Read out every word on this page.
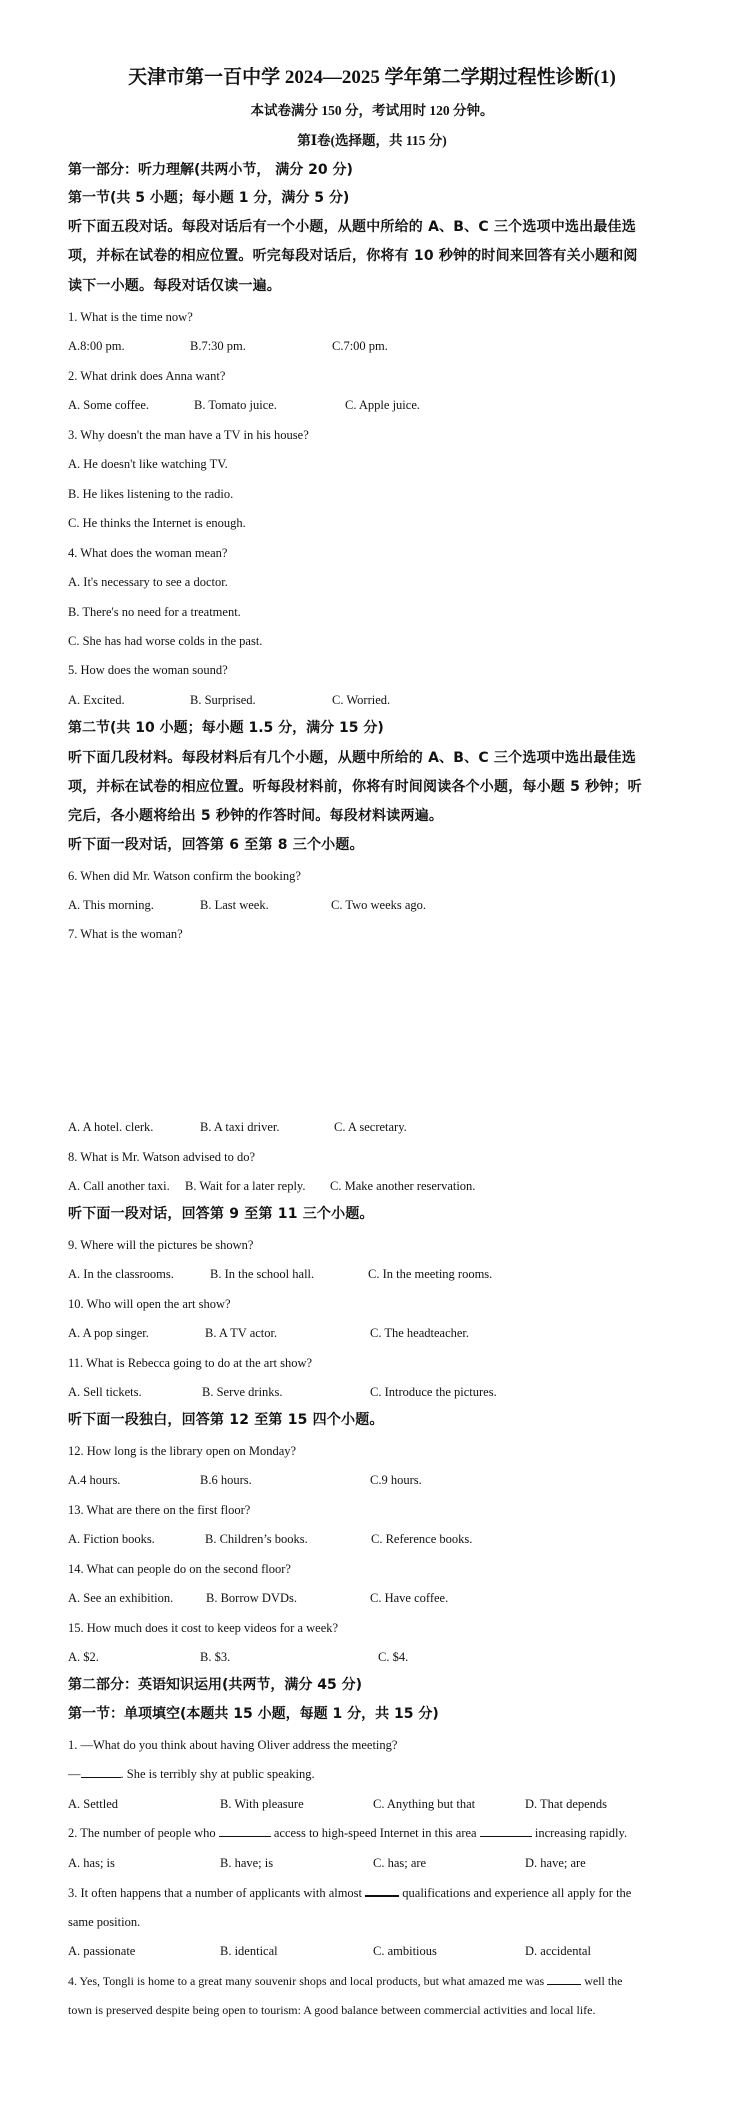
天津市第一百中学 2024—2025 学年第二学期过程性诊断(1)
本试卷满分 150 分，考试用时 120 分钟。
第Ⅰ卷(选择题，共 115 分)
第一部分：听力理解(共两小节， 满分 20 分)
第一节(共 5 小题；每小题 1 分，满分 5 分)
听下面五段对话。每段对话后有一个小题，从题中所给的 A、B、C 三个选项中选出最佳选
项，并标在试卷的相应位置。听完每段对话后，你将有 10 秒钟的时间来回答有关小题和阅
读下一小题。每段对话仅读一遍。
1. What is the time now?
A.8:00 pm.	B.7:30 pm.	C.7:00 pm.
2. What drink does Anna want?
A. Some coffee.	B. Tomato juice.	C. Apple juice.
3. Why doesn't the man have a TV in his house?
A. He doesn't like watching TV.
B. He likes listening to the radio.
C. He thinks the Internet is enough.
4. What does the woman mean?
A. It's necessary to see a doctor.
B. There's no need for a treatment.
C. She has had worse colds in the past.
5. How does the woman sound?
A. Excited.	B. Surprised.	C. Worried.
第二节(共 10 小题；每小题 1.5 分，满分 15 分)
听下面几段材料。每段材料后有几个小题，从题中所给的 A、B、C 三个选项中选出最佳选
项，并标在试卷的相应位置。听每段材料前，你将有时间阅读各个小题，每小题 5 秒钟；听
完后，各小题将给出 5 秒钟的作答时间。每段材料读两遍。
听下面一段对话，回答第 6 至第 8 三个小题。
6. When did Mr. Watson confirm the booking?
A. This morning.	B. Last week.	C. Two weeks ago.
7. What is the woman?
A. A hotel. clerk.	B. A taxi driver.	C. A secretary.
8. What is Mr. Watson advised to do?
A. Call another taxi. B. Wait for a later reply. C. Make another reservation.
听下面一段对话，回答第 9 至第 11 三个小题。
9. Where will the pictures be shown?
A. In the classrooms.	B. In the school hall.	C. In the meeting rooms.
10. Who will open the art show?
A. A pop singer.	B. A TV actor.	C. The headteacher.
11. What is Rebecca going to do at the art show?
A. Sell tickets.	B. Serve drinks.	C. Introduce the pictures.
听下面一段独白，回答第 12 至第 15 四个小题。
12. How long is the library open on Monday?
A.4 hours.	B.6 hours.	C.9 hours.
13. What are there on the first floor?
A. Fiction books.	B. Children’s books.	C. Reference books.
14. What can people do on the second floor?
A. See an exhibition.	B. Borrow DVDs.	C. Have coffee.
15. How much does it cost to keep videos for a week?
A. $2.	B. $3.	C. $4.
第二部分：英语知识运用(共两节，满分 45 分)
第一节：单项填空(本题共 15 小题，每题 1 分，共 15 分)
1. —What do you think about having Oliver address the meeting?
—	. She is terribly shy at public speaking.
A. Settled	B. With pleasure	C. Anything but that	D. That depends
2. The number of people who	access to high-speed Internet in this area	increasing rapidly.
A. has; is	B. have; is	C. has; are	D. have; are
3. It often happens that a number of applicants with almost	qualifications and experience all apply for the
same position.
A. passionate	B. identical	C. ambitious	D. accidental
4. Yes, Tongli is home to a great many souvenir shops and local products, but what amazed me was	well the
town is preserved despite being open to tourism: A good balance between commercial activities and local life.
